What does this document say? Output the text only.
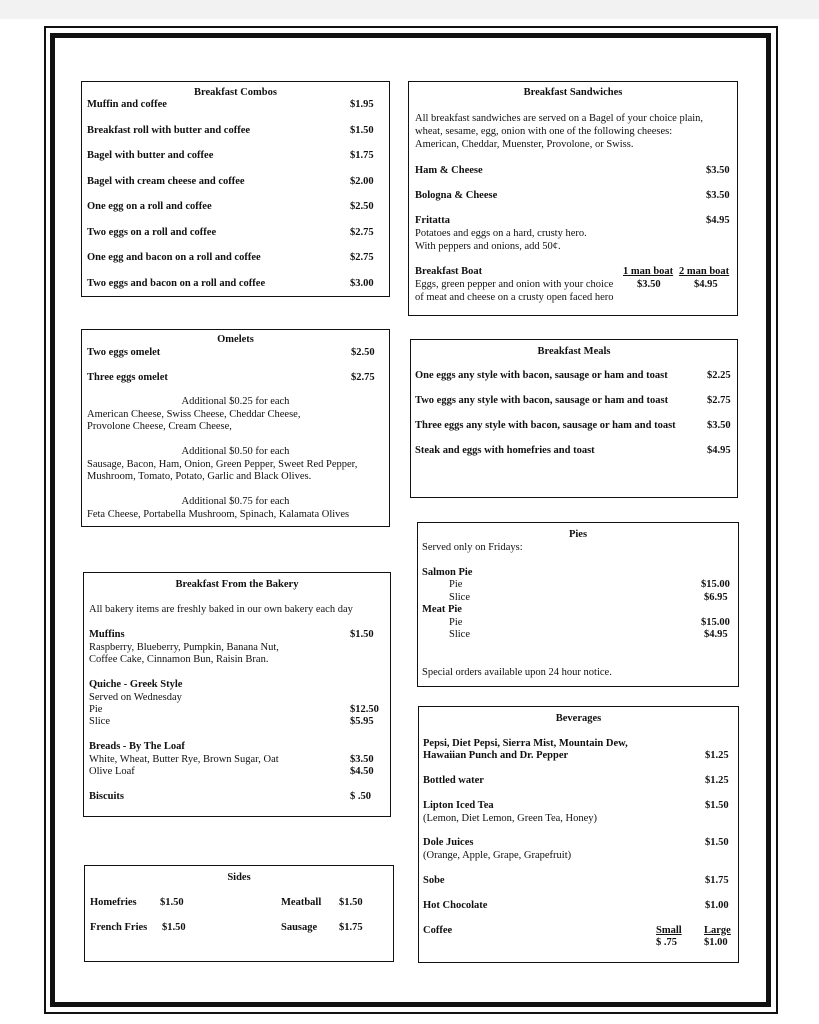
Breakfast Combos
Muffin and coffee	$1.95
Breakfast roll with butter and coffee	$1.50
Bagel with butter and coffee	$1.75
Bagel with cream cheese and coffee	$2.00
One egg on a roll and coffee	$2.50
Two eggs on a roll and coffee	$2.75
One egg and bacon on a roll and coffee	$2.75
Two eggs and bacon on a roll and coffee	$3.00
Breakfast Sandwiches
All breakfast sandwiches are served on a Bagel of your choice plain,
wheat, sesame, egg, onion with one of the following cheeses:
American, Cheddar, Muenster, Provolone, or Swiss.
Ham & Cheese	$3.50
Bologna & Cheese	$3.50
Fritatta	$4.95
Potatoes and eggs on a hard, crusty hero.
With peppers and onions, add 50¢.
Breakfast Boat	1 man boat 2 man boat
Eggs, green pepper and onion with your choice $3.50	$4.95
of meat and cheese on a crusty open faced hero
Omelets
Two eggs omelet	$2.50
Three eggs omelet	$2.75
Additional $0.25 for each
American Cheese, Swiss Cheese, Cheddar Cheese,
Provolone Cheese, Cream Cheese,
Additional $0.50 for each
Sausage, Bacon, Ham, Onion, Green Pepper, Sweet Red Pepper,
Mushroom, Tomato, Potato, Garlic and Black Olives.
Additional $0.75 for each
Feta Cheese, Portabella Mushroom, Spinach, Kalamata Olives
Breakfast Meals
One eggs any style with bacon, sausage or ham and toast	$2.25
Two eggs any style with bacon, sausage or ham and toast	$2.75
Three eggs any style with bacon, sausage or ham and toast	$3.50
Steak and eggs with homefries and toast	$4.95
Pies
Served only on Fridays:
Salmon Pie
Pie	$15.00
Slice	$6.95
Meat Pie
Pie	$15.00
Slice	$4.95
Special orders available upon 24 hour notice.
Breakfast From the Bakery
All bakery items are freshly baked in our own bakery each day
Muffins	$1.50
Raspberry, Blueberry, Pumpkin, Banana Nut,
Coffee Cake, Cinnamon Bun, Raisin Bran.
Quiche - Greek Style
Served on Wednesday
Pie	$12.50
Slice	$5.95
Breads - By The Loaf
White, Wheat, Butter Rye, Brown Sugar, Oat	$3.50
Olive Loaf	$4.50
Biscuits	$ .50
Beverages
Pepsi, Diet Pepsi, Sierra Mist, Mountain Dew,
Hawaiian Punch and Dr. Pepper	$1.25
Bottled water	$1.25
Lipton Iced Tea	$1.50
(Lemon, Diet Lemon, Green Tea, Honey)
Dole Juices	$1.50
(Orange, Apple, Grape, Grapefruit)
Sobe	$1.75
Hot Chocolate	$1.00
Coffee	Small Large
$ .75	$1.00
Sides
Homefries $1.50	Meatball $1.50
French Fries $1.50	Sausage $1.75
